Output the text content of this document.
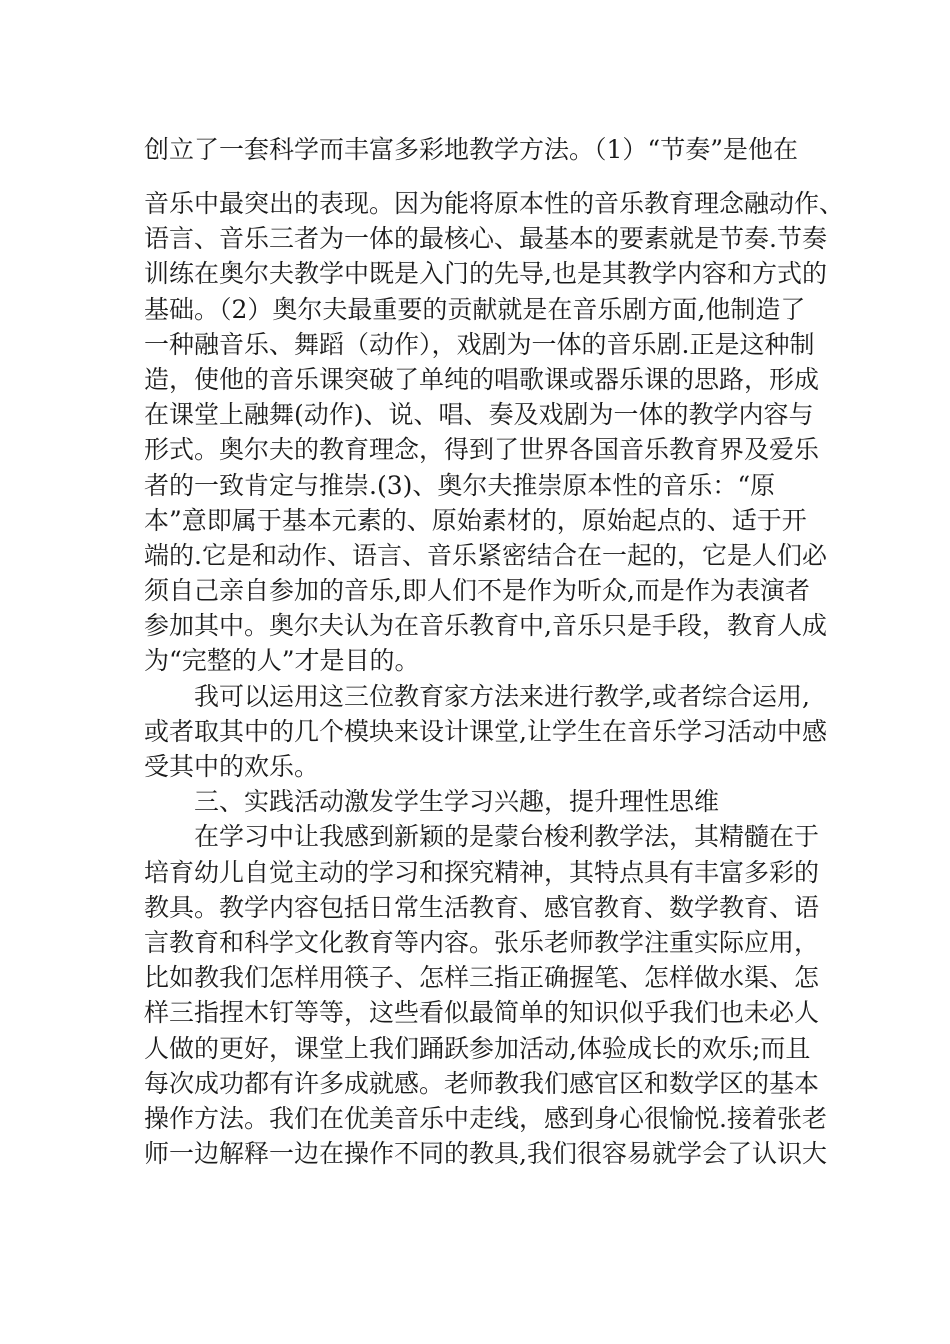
创立了一套科学而丰富多彩地教学方法。（1）“节奏”是他在
音乐中最突出的表现。因为能将原本性的音乐教育理念融动作、
语言、音乐三者为一体的最核心、最基本的要素就是节奏.节奏
训练在奥尔夫教学中既是入门的先导,也是其教学内容和方式的
基础。（2）奥尔夫最重要的贡献就是在音乐剧方面,他制造了
一种融音乐、舞蹈（动作），戏剧为一体的音乐剧.正是这种制
造，使他的音乐课突破了单纯的唱歌课或器乐课的思路，形成
在课堂上融舞(动作)、说、唱、奏及戏剧为一体的教学内容与
形式。奥尔夫的教育理念，得到了世界各国音乐教育界及爱乐
者的一致肯定与推崇.(3)、奥尔夫推崇原本性的音乐：“原
本”意即属于基本元素的、原始素材的，原始起点的、适于开
端的.它是和动作、语言、音乐紧密结合在一起的，它是人们必
须自己亲自参加的音乐,即人们不是作为听众,而是作为表演者
参加其中。奥尔夫认为在音乐教育中,音乐只是手段，教育人成
为“完整的人”才是目的。
我可以运用这三位教育家方法来进行教学,或者综合运用,
或者取其中的几个模块来设计课堂,让学生在音乐学习活动中感
受其中的欢乐。
三、实践活动激发学生学习兴趣，提升理性思维
在学习中让我感到新颖的是蒙台梭利教学法，其精髓在于
培育幼儿自觉主动的学习和探究精神，其特点具有丰富多彩的
教具。教学内容包括日常生活教育、感官教育、数学教育、语
言教育和科学文化教育等内容。张乐老师教学注重实际应用，
比如教我们怎样用筷子、怎样三指正确握笔、怎样做水渠、怎
样三指捏木钉等等，这些看似最简单的知识似乎我们也未必人
人做的更好，课堂上我们踊跃参加活动,体验成长的欢乐;而且
每次成功都有许多成就感。老师教我们感官区和数学区的基本
操作方法。我们在优美音乐中走线，感到身心很愉悦.接着张老
师一边解释一边在操作不同的教具,我们很容易就学会了认识大
